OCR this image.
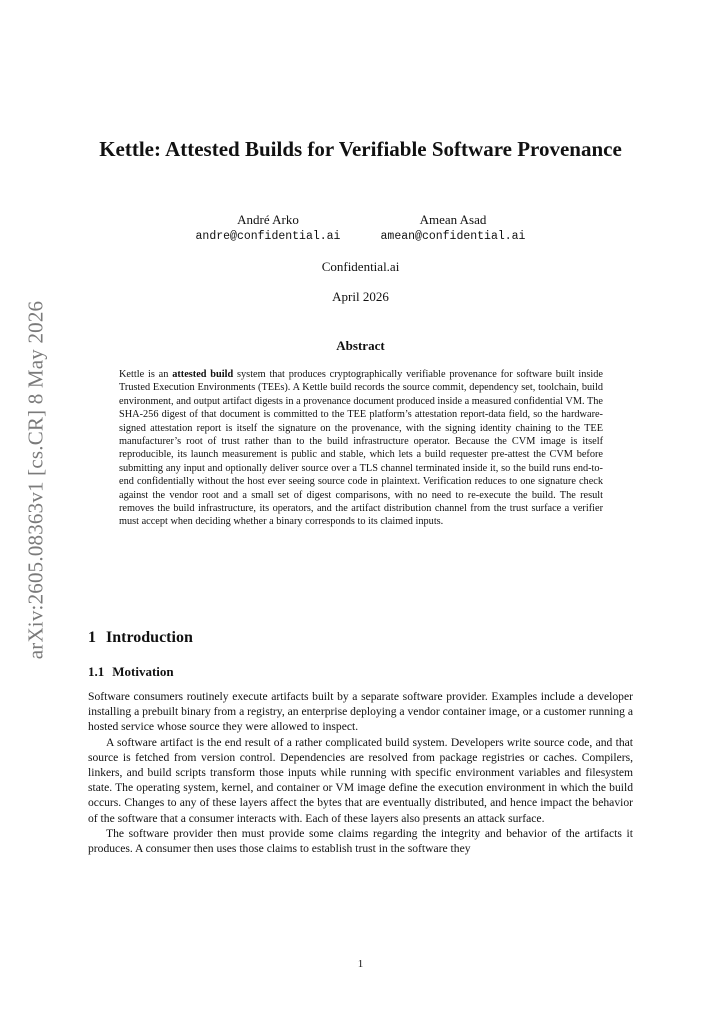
arXiv:2605.08363v1 [cs.CR] 8 May 2026
Kettle: Attested Builds for Verifiable Software Provenance
André Arko
andre@confidential.ai
Amean Asad
amean@confidential.ai
Confidential.ai
April 2026
Abstract

Kettle is an attested build system that produces cryptographically verifiable provenance for software built inside Trusted Execution Environments (TEEs). A Kettle build records the source commit, dependency set, toolchain, build environment, and output artifact digests in a provenance document produced inside a measured confidential VM. The SHA-256 digest of that document is committed to the TEE platform’s attestation report-data field, so the hardware-signed attestation report is itself the signature on the provenance, with the signing identity chaining to the TEE manufacturer’s root of trust rather than to the build infrastructure operator. Because the CVM image is itself reproducible, its launch measurement is public and stable, which lets a build requester pre-attest the CVM before submitting any input and optionally deliver source over a TLS channel terminated inside it, so the build runs end-to-end confidentially without the host ever seeing source code in plaintext. Verification reduces to one signature check against the vendor root and a small set of digest comparisons, with no need to re-execute the build. The result removes the build infrastructure, its operators, and the artifact distribution channel from the trust surface a verifier must accept when deciding whether a binary corresponds to its claimed inputs.

1 Introduction
1.1 Motivation

Software consumers routinely execute artifacts built by a separate software provider. Examples include a developer installing a prebuilt binary from a registry, an enterprise deploying a vendor container image, or a customer running a hosted service whose source they were allowed to inspect.

A software artifact is the end result of a rather complicated build system. Developers write source code, and that source is fetched from version control. Dependencies are resolved from package registries or caches. Compilers, linkers, and build scripts transform those inputs while running with specific environment variables and filesystem state. The operating system, kernel, and container or VM image define the execution environment in which the build occurs. Changes to any of these layers affect the bytes that are eventually distributed, and hence impact the behavior of the software that a consumer interacts with. Each of these layers also presents an attack surface.

The software provider then must provide some claims regarding the integrity and behavior of the artifacts it produces. A consumer then uses those claims to establish trust in the software they

1
